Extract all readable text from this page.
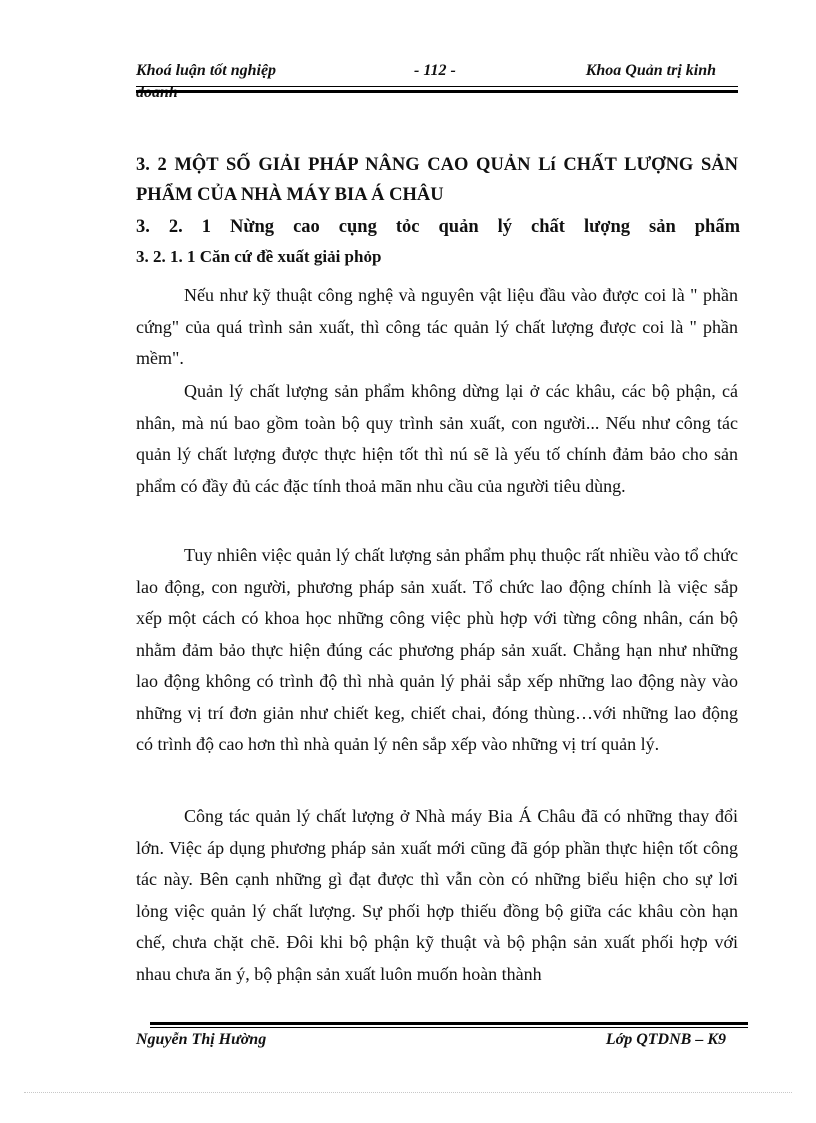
Khoá luận tốt nghiệp	- 112 -	Khoa Quản trị kinh
doanh
3. 2 MỘT SỐ GIẢI PHÁP NÂNG CAO QUẢN Lí CHẤT LƯỢNG SẢN PHẨM CỦA NHÀ MÁY BIA Á CHÂU
3. 2. 1 Nừng cao cụng tỏc quản lý chất lượng sản phẩm
3. 2. 1. 1 Căn cứ đề xuất giải phỏp

Nếu như kỹ thuật công nghệ và nguyên vật liệu đầu vào được coi là " phần cứng" của quá trình sản xuất, thì công tác quản lý chất lượng được coi là " phần mềm".

Quản lý chất lượng sản phẩm không dừng lại ở các khâu, các bộ phận, cá nhân, mà nú bao gồm toàn bộ quy trình sản xuất, con người... Nếu như công tác quản lý chất lượng được thực hiện tốt thì nú sẽ là yếu tố chính đảm bảo cho sản phẩm có đầy đủ các đặc tính thoả mãn nhu cầu của người tiêu dùng.

Tuy nhiên việc quản lý chất lượng sản phẩm phụ thuộc rất nhiều vào tổ chức lao động, con người, phương pháp sản xuất. Tổ chức lao động chính là việc sắp xếp một cách có khoa học những công việc phù hợp với từng công nhân, cán bộ nhằm đảm bảo thực hiện đúng các phương pháp sản xuất. Chẳng hạn như những lao động không có trình độ thì nhà quản lý phải sắp xếp những lao động này vào những vị trí đơn giản như chiết keg, chiết chai, đóng thùng…với những lao động có trình độ cao hơn thì nhà quản lý nên sắp xếp vào những vị trí quản lý.

Công tác quản lý chất lượng ở Nhà máy Bia Á Châu đã có những thay đổi lớn. Việc áp dụng phương pháp sản xuất mới cũng đã góp phần thực hiện tốt công tác này. Bên cạnh những gì đạt được thì vẫn còn có những biểu hiện cho sự lơi lỏng việc quản lý chất lượng. Sự phối hợp thiếu đồng bộ giữa các khâu còn hạn chế, chưa chặt chẽ. Đôi khi bộ phận kỹ thuật và bộ phận sản xuất phối hợp với nhau chưa ăn ý, bộ phận sản xuất luôn muốn hoàn thành

Nguyễn Thị Hường	Lớp QTDNB – K9
